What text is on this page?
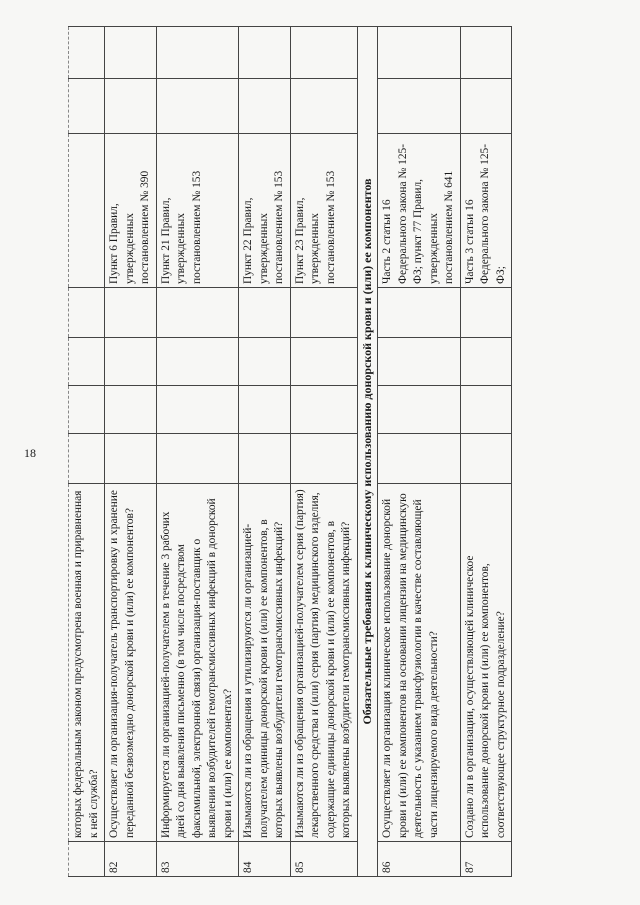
18
	которых федеральным законом предусмотрена военная и приравненная к ней служба?							
82	Осуществляет ли организация-получатель транспортировку и хранение переданной безвозмездно донорской крови и (или) ее компонентов?					Пункт 6 Правил, утвержденных постановлением № 390		
83	Информируется ли организацией-получателем в течение 3 рабочих дней со дня выявления письменно (в том числе посредством факсимильной, электронной связи) организация-поставщик о выявлении возбудителей гемотрансмиссивных инфекций в донорской крови и (или) ее компонентах?					Пункт 21 Правил, утвержденных постановлением № 153		
84	Изымаются ли из обращения и утилизируются ли организацией-получателем единицы донорской крови и (или) ее компонентов, в которых выявлены возбудители гемотрансмиссивных инфекций?					Пункт 22 Правил, утвержденных постановлением № 153		
85	Изымаются ли из обращения организацией-получателем серия (партия) лекарственного средства и (или) серия (партия) медицинского изделия, содержащие единицы донорской крови и (или) ее компонентов, в которых выявлены возбудители гемотрансмиссивных инфекций?					Пункт 23 Правил, утвержденных постановлением № 153		
Обязательные требования к клиническому использованию донорской крови и (или) ее компонентов								
86	Осуществляет ли организация клиническое использование донорской крови и (или) ее компонентов на основании лицензии на медицинскую деятельность с указанием трансфузиологии в качестве составляющей части лицензируемого вида деятельности?					Часть 2 статьи 16 Федерального закона № 125-ФЗ; пункт 77 Правил, утвержденных постановлением № 641		
87	Создано ли в организации, осуществляющей клиническое использование донорской крови и (или) ее компонентов, соответствующее структурное подразделение?					Часть 3 статьи 16 Федерального закона № 125-ФЗ;		
